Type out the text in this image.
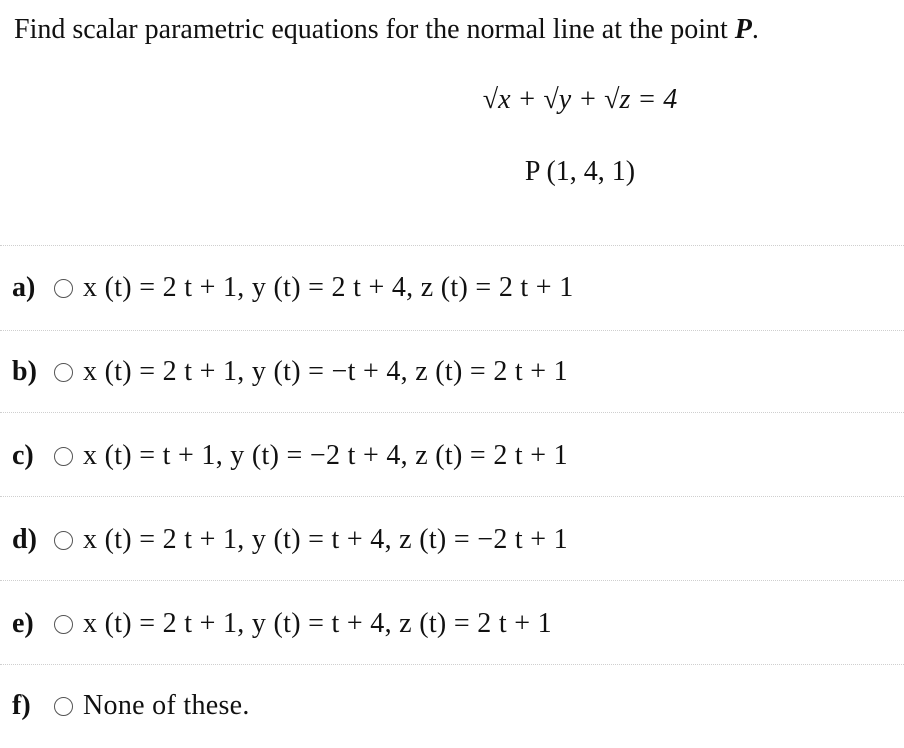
Find scalar parametric equations for the normal line at the point P.
√x + √y + √z = 4
P (1, 4, 1)
a)	x (t) = 2 t + 1, y (t) = 2 t + 4, z (t) = 2 t + 1
b)	x (t) = 2 t + 1, y (t) = −t + 4, z (t) = 2 t + 1
c)	x (t) = t + 1, y (t) = −2 t + 4, z (t) = 2 t + 1
d)	x (t) = 2 t + 1, y (t) = t + 4, z (t) = −2 t + 1
e)	x (t) = 2 t + 1, y (t) = t + 4, z (t) = 2 t + 1
f)	None of these.
